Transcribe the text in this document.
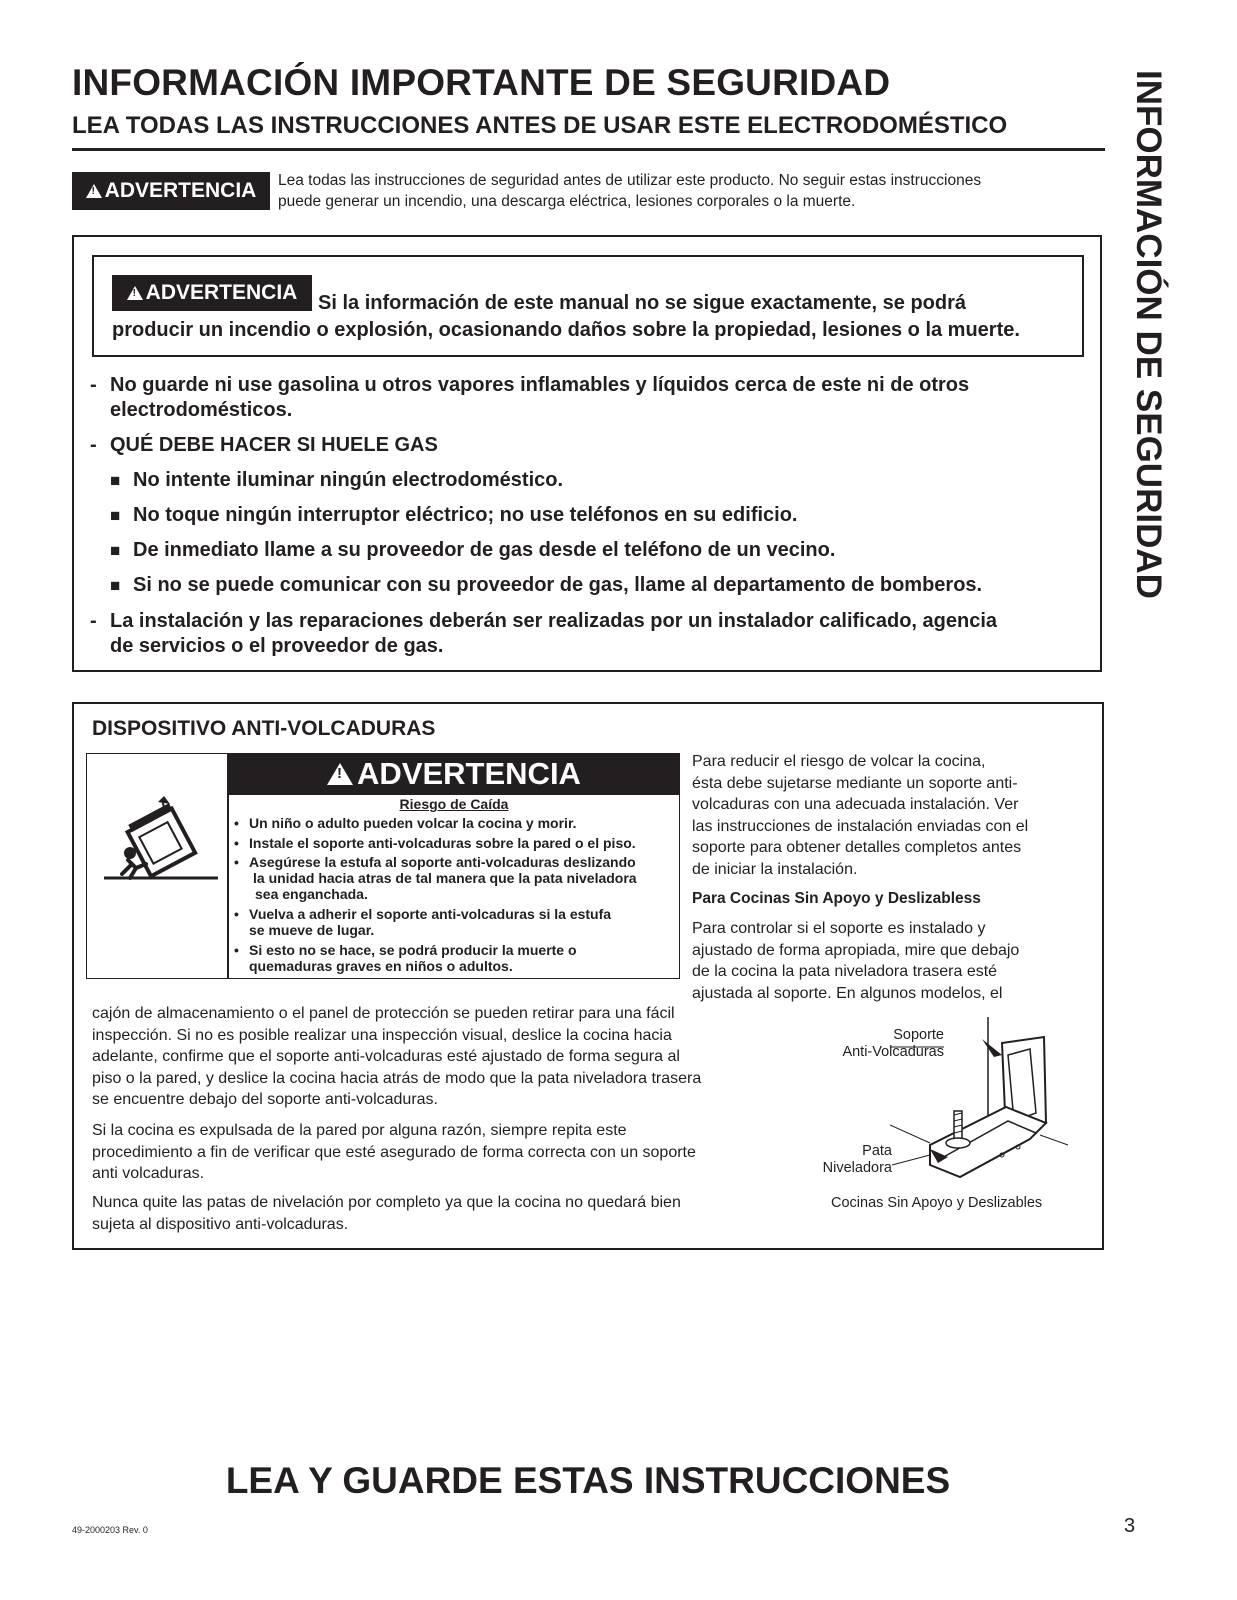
INFORMACIÓN IMPORTANTE DE SEGURIDAD
LEA TODAS LAS INSTRUCCIONES ANTES DE USAR ESTE ELECTRODOMÉSTICO	INFORMACIÓN DE SEGURIDAD
!
ADVERTENCIA Lea todas las instrucciones de seguridad antes de utilizar este producto. No seguir estas instrucciones
puede generar un incendio, una descarga eléctrica, lesiones corporales o la muerte.
!
ADVERTENCIA Si la información de este manual no se sigue exactamente, se podrá
producir un incendio o explosión, ocasionando daños sobre la propiedad, lesiones o la muerte.
- No guarde ni use gasolina u otros vapores inflamables y líquidos cerca de este ni de otros
electrodomésticos.
- QUÉ DEBE HACER SI HUELE GAS
■ No intente iluminar ningún electrodoméstico.
■ No toque ningún interruptor eléctrico; no use teléfonos en su edificio.
■ De inmediato llame a su proveedor de gas desde el teléfono de un vecino.
■ Si no se puede comunicar con su proveedor de gas, llame al departamento de bomberos.
- La instalación y las reparaciones deberán ser realizadas por un instalador calificado, agencia
de servicios o el proveedor de gas.
DISPOSITIVO ANTI-VOLCADURAS
!
ADVERTENCIA
Riesgo de Caída
• Un niño o adulto pueden volcar la cocina y morir.
• Instale el soporte anti-volcaduras sobre la pared o el piso.
• Asegúrese la estufa al soporte anti-volcaduras deslizando
la unidad hacia atras de tal manera que la pata niveladora
sea enganchada.
• Vuelva a adherir el soporte anti-volcaduras si la estufa
se mueve de lugar.
• Si esto no se hace, se podrá producir la muerte o
quemaduras graves en niños o adultos.
Para reducir el riesgo de volcar la cocina,
ésta debe sujetarse mediante un soporte anti-
volcaduras con una adecuada instalación. Ver
las instrucciones de instalación enviadas con el
soporte para obtener detalles completos antes
de iniciar la instalación.
Para Cocinas Sin Apoyo y Deslizabless
Para controlar si el soporte es instalado y
ajustado de forma apropiada, mire que debajo
de la cocina la pata niveladora trasera esté
ajustada al soporte. En algunos modelos, el
cajón de almacenamiento o el panel de protección se pueden retirar para una fácil
inspección. Si no es posible realizar una inspección visual, deslice la cocina hacia
adelante, confirme que el soporte anti-volcaduras esté ajustado de forma segura al
piso o la pared, y deslice la cocina hacia atrás de modo que la pata niveladora trasera
se encuentre debajo del soporte anti-volcaduras.
Si la cocina es expulsada de la pared por alguna razón, siempre repita este
procedimiento a fin de verificar que esté asegurado de forma correcta con un soporte
anti volcaduras.
Nunca quite las patas de nivelación por completo ya que la cocina no quedará bien
sujeta al dispositivo anti-volcaduras.
Soporte
Anti-Volcaduras
Pata
Niveladora
Cocinas Sin Apoyo y Deslizables
LEA Y GUARDE ESTAS INSTRUCCIONES
49-2000203 Rev. 0	3
